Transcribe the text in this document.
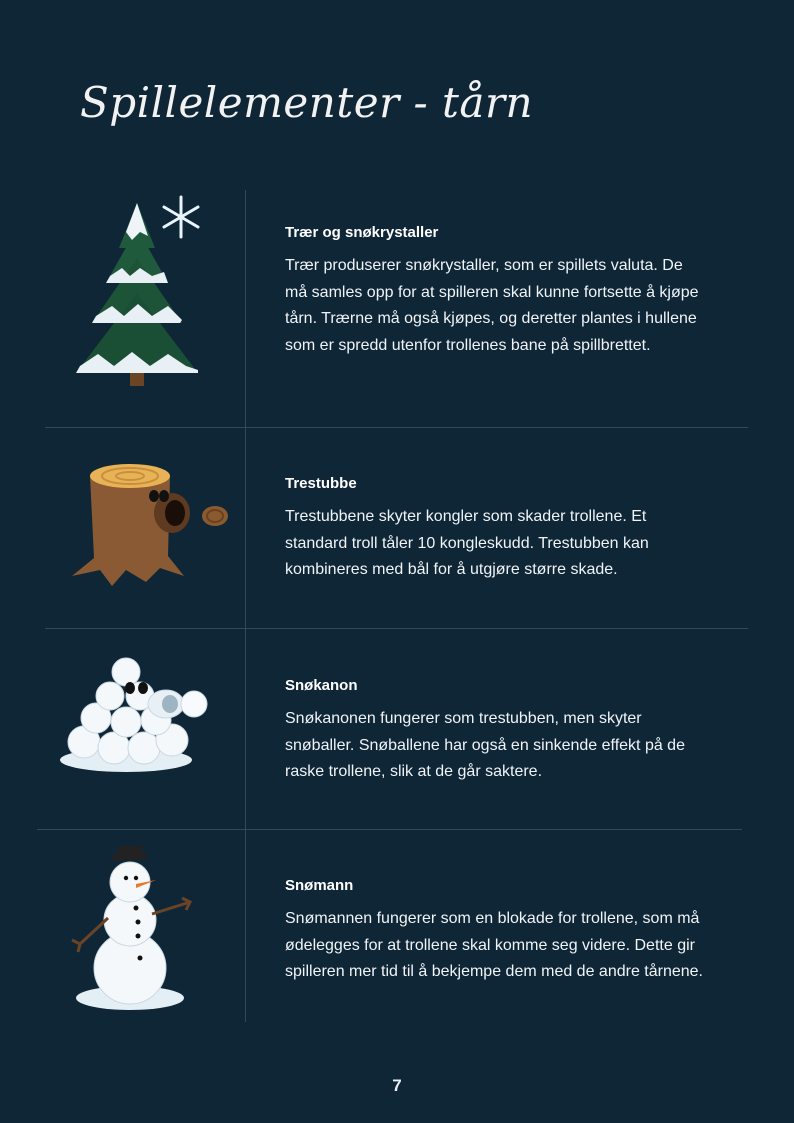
Spillelementer - tårn

Trær og snøkrystaller

Trær produserer snøkrystaller, som er spillets valuta. De må samles opp for at spilleren skal kunne fortsette å kjøpe tårn. Trærne må også kjøpes, og deretter plantes i hullene som er spredd utenfor trollenes bane på spillbrettet.

Trestubbe

Trestubbene skyter kongler som skader trollene. Et standard troll tåler 10 kongleskudd. Trestubben kan kombineres med bål for å utgjøre større skade.

Snøkanon

Snøkanonen fungerer som trestubben, men skyter snøballer. Snøballene har også en sinkende effekt på de raske trollene, slik at de går saktere.

Snømann

Snømannen fungerer som en blokade for trollene, som må ødelegges for at trollene skal komme seg videre. Dette gir spilleren mer tid til å bekjempe dem med de andre tårnene.

7
